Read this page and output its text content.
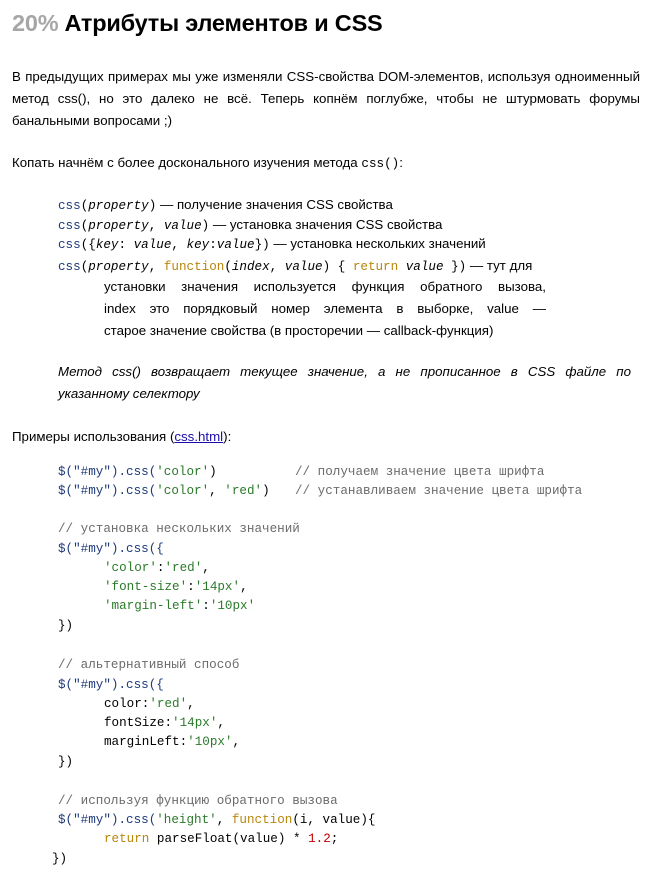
20% Атрибуты элементов и CSS
В предыдущих примерах мы уже изменяли CSS-свойства DOM-элементов, используя одноименный метод css(), но это далеко не всё. Теперь копнём поглубже, чтобы не штурмовать форумы банальными вопросами ;)
Копать начнём с более досконального изучения метода css():
css(property) — получение значения CSS свойства
css(property, value) — установка значения CSS свойства
css({key: value, key:value}) — установка нескольких значений
css(property, function(index, value) { return value }) — тут для
установки значения используется функция обратного вызова,
index это порядковый номер элемента в выборке, value —
старое значение свойства (в просторечии — callback-функция)
Метод css() возвращает текущее значение, а не прописанное в CSS файле по указанному селектору
Примеры использования (css.html):
$("#my").css('color')	// получаем значение цвета шрифта
$("#my").css('color', 'red') // устанавливаем значение цвета шрифта
// установка нескольких значений
$("#my").css({
'color':'red',
'font-size':'14px',
'margin-left':'10px'
})
// альтернативный способ
$("#my").css({
color:'red',
fontSize:'14px',
marginLeft:'10px',
})
// используя функцию обратного вызова
$("#my").css('height', function(i, value){
return parseFloat(value) * 1.2;
})
